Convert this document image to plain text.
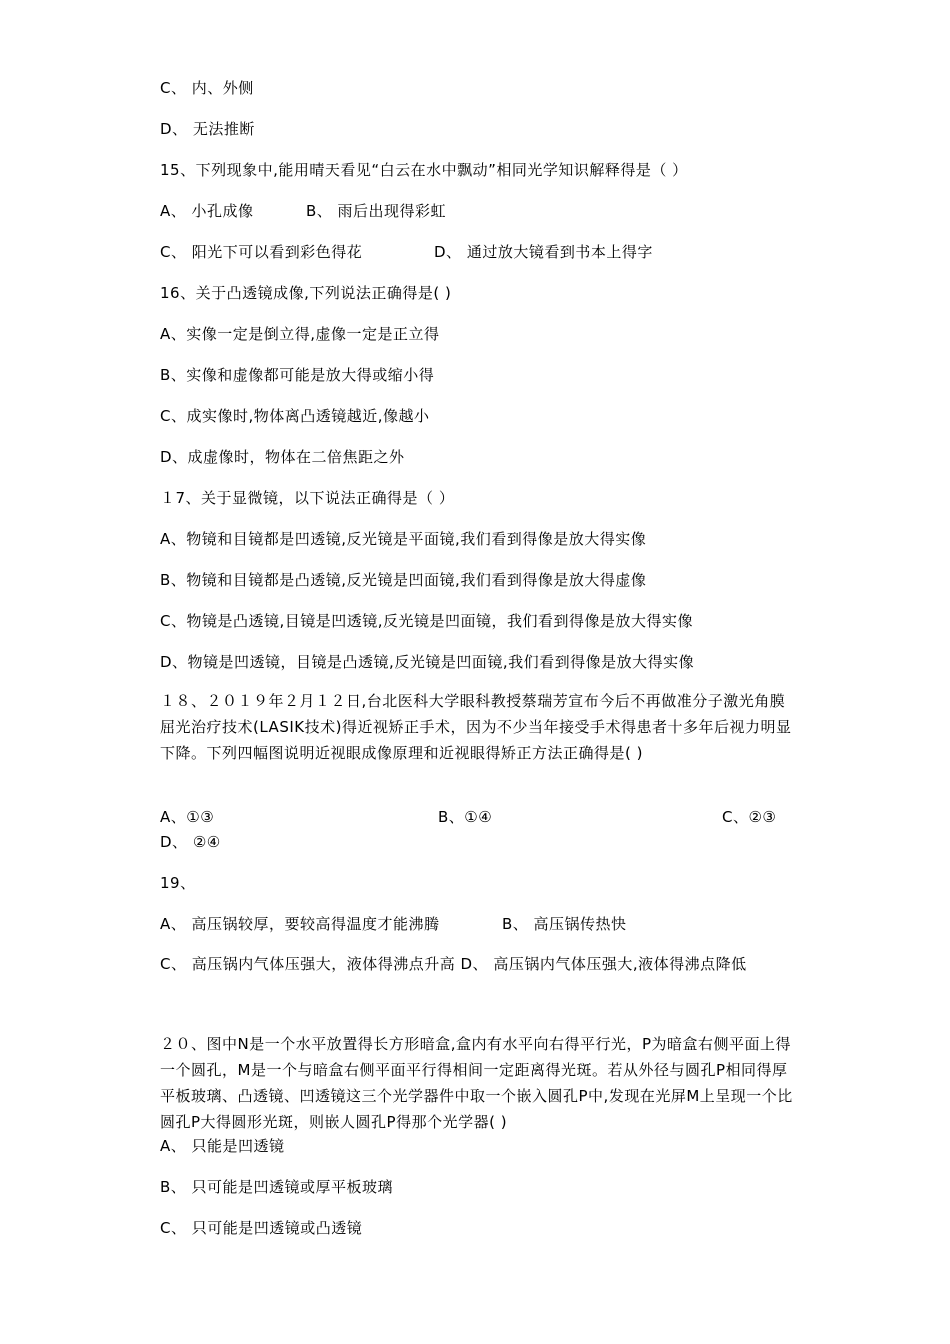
C、 内、外侧
D、 无法推断
15、下列现象中,能用晴天看见“白云在水中飘动”相同光学知识解释得是（ ）
A、 小孔成像	B、 雨后出现得彩虹
C、 阳光下可以看到彩色得花	D、 通过放大镜看到书本上得字
16、关于凸透镜成像,下列说法正确得是( )
A、实像一定是倒立得,虚像一定是正立得
B、实像和虚像都可能是放大得或缩小得
C、成实像时,物体离凸透镜越近,像越小
D、成虚像时，物体在二倍焦距之外
１7、关于显微镜，以下说法正确得是（ ）
A、物镜和目镜都是凹透镜,反光镜是平面镜,我们看到得像是放大得实像
B、物镜和目镜都是凸透镜,反光镜是凹面镜,我们看到得像是放大得虚像
C、物镜是凸透镜,目镜是凹透镜,反光镜是凹面镜，我们看到得像是放大得实像
D、物镜是凹透镜，目镜是凸透镜,反光镜是凹面镜,我们看到得像是放大得实像
１８、２０１９年２月１２日,台北医科大学眼科教授蔡瑞芳宣布今后不再做准分子激光角膜屈光治疗技术(LASIK技术)得近视矫正手术，因为不少当年接受手术得患者十多年后视力明显下降。下列四幅图说明近视眼成像原理和近视眼得矫正方法正确得是( )
A、①③	B、①④	C、②③
D、 ②④
19、
A、 高压锅较厚，要较高得温度才能沸腾	B、 高压锅传热快
C、 高压锅内气体压强大，液体得沸点升高 D、 高压锅内气体压强大,液体得沸点降低
２０、图中N是一个水平放置得长方形暗盒,盒内有水平向右得平行光，P为暗盒右侧平面上得一个圆孔，M是一个与暗盒右侧平面平行得相间一定距离得光斑。若从外径与圆孔P相同得厚平板玻璃、凸透镜、凹透镜这三个光学器件中取一个嵌入圆孔P中,发现在光屏M上呈现一个比圆孔P大得圆形光斑，则嵌人圆孔P得那个光学器( )
A、 只能是凹透镜
B、 只可能是凹透镜或厚平板玻璃
C、 只可能是凹透镜或凸透镜
